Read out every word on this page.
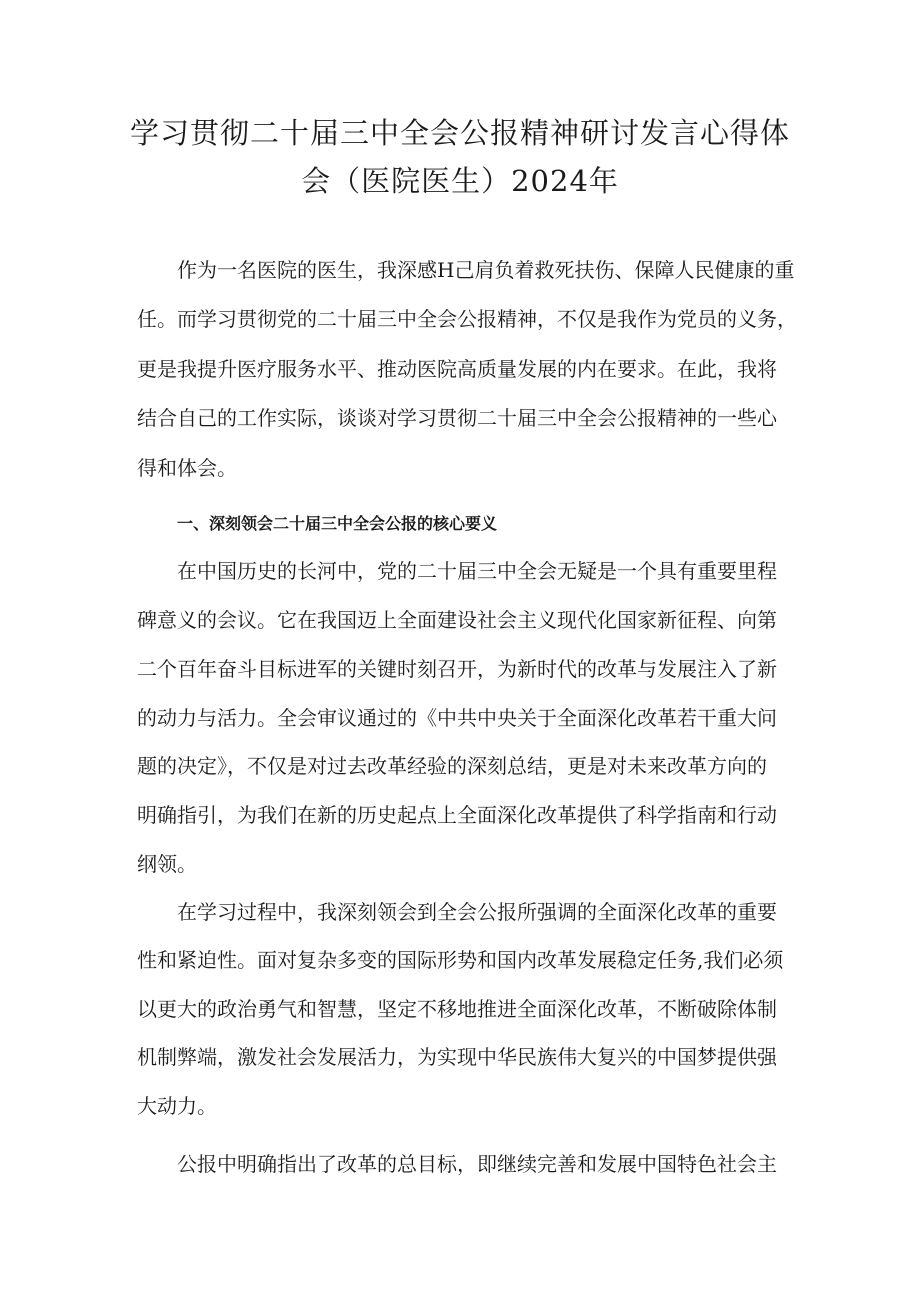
学习贯彻二十届三中全会公报精神研讨发言心得体
会（医院医生）2024年
作为一名医院的医生，我深感H己肩负着救死扶伤、保障人民健康的重
任。而学习贯彻党的二十届三中全会公报精神，不仅是我作为党员的义务，
更是我提升医疗服务水平、推动医院高质量发展的内在要求。在此，我将
结合自己的工作实际，谈谈对学习贯彻二十届三中全会公报精神的一些心
得和体会。
一、深刻领会二十届三中全会公报的核心要义
在中国历史的长河中，党的二十届三中全会无疑是一个具有重要里程
碑意义的会议。它在我国迈上全面建设社会主义现代化国家新征程、向第
二个百年奋斗目标进军的关键时刻召开，为新时代的改革与发展注入了新
的动力与活力。全会审议通过的《中共中央关于全面深化改革若干重大问
题的决定》，不仅是对过去改革经验的深刻总结，更是对未来改革方向的
明确指引，为我们在新的历史起点上全面深化改革提供了科学指南和行动
纲领。
在学习过程中，我深刻领会到全会公报所强调的全面深化改革的重要
性和紧迫性。面对复杂多变的国际形势和国内改革发展稳定任务,我们必须
以更大的政治勇气和智慧，坚定不移地推进全面深化改革，不断破除体制
机制弊端，激发社会发展活力，为实现中华民族伟大复兴的中国梦提供强
大动力。
公报中明确指出了改革的总目标，即继续完善和发展中国特色社会主
